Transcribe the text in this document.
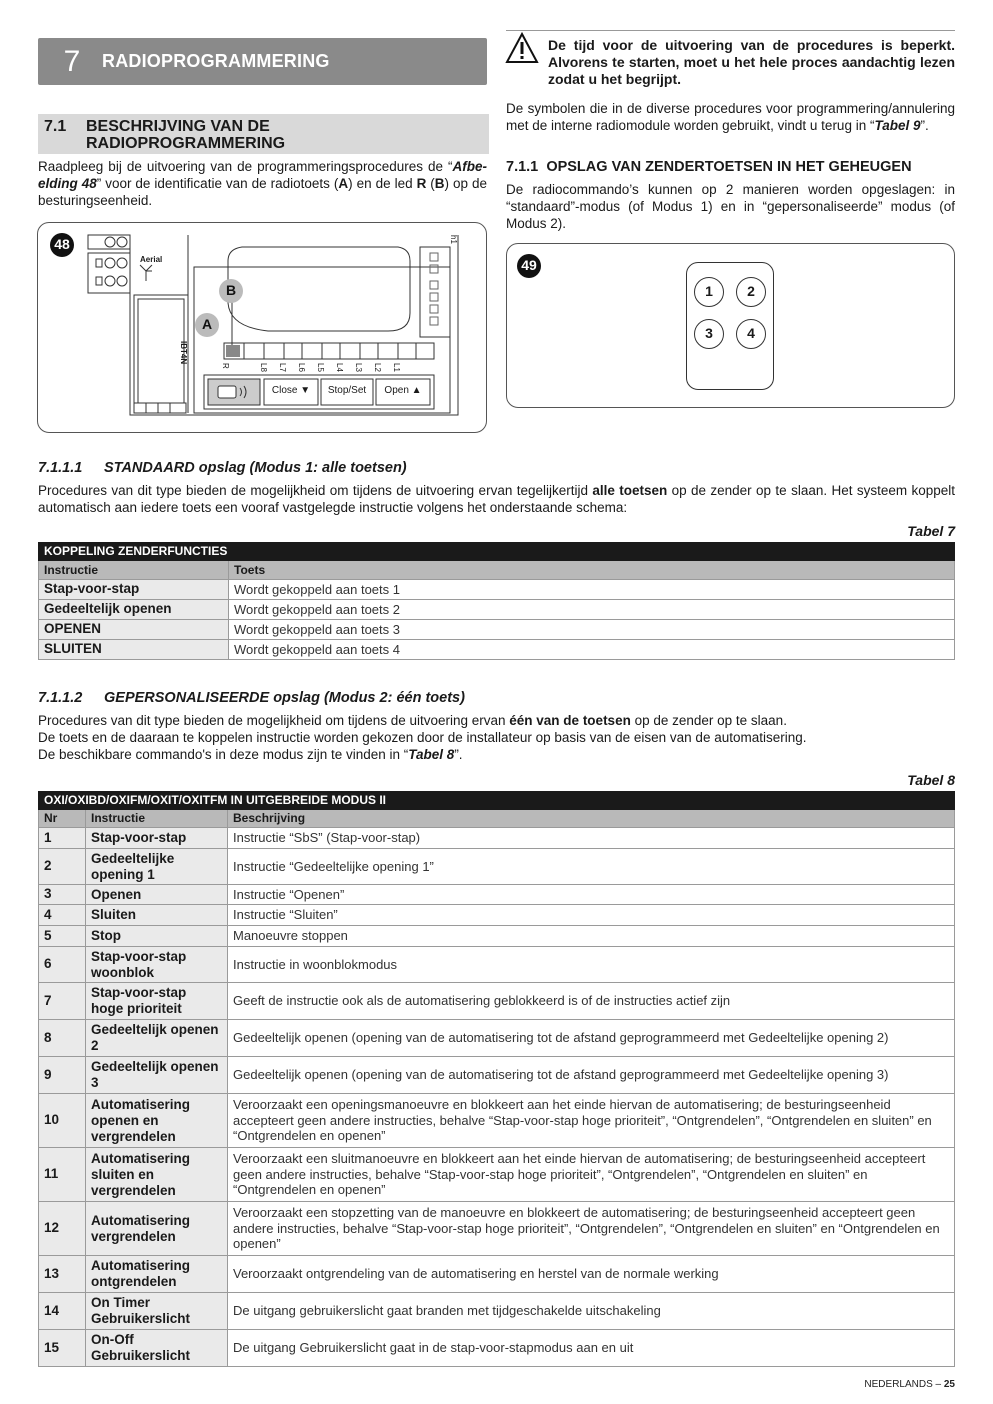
7	RADIOPROGRAMMERING
7.1	BESCHRIJVING VAN DE
RADIOPROGRAMMERING
Raadpleeg bij de uitvoering van de programmeringsprocedures de “Afbe-elding 48” voor de identificatie van de radiotoets (A) en de led R (B) op de besturingseenheid.
De tijd voor de uitvoering van de procedures is beperkt. Alvorens te starten, moet u het hele proces aandachtig lezen zodat u het begrijpt.
De symbolen die in de diverse procedures voor programmering/annulering met de interne radiomodule worden gebruikt, vindt u terug in “Tabel 9”.
7.1.1 OPSLAG VAN ZENDERTOETSEN IN HET GEHEUGEN
De radiocommando’s kunnen op 2 manieren worden opgeslagen: in “standaard”-modus (of Modus 1) en in “gepersonaliseerde” modus (of Modus 2).
48
B
A
Aerial
IBT4N
h1
R	L8 L7 L6 L5 L4 L3 L2 L1
Close ▼	Stop/Set	Open ▲
49
1	2
3	4
7.1.1.1 STANDAARD opslag (Modus 1: alle toetsen)
Procedures van dit type bieden de mogelijkheid om tijdens de uitvoering ervan tegelijkertijd alle toetsen op de zender op te slaan. Het systeem koppelt automatisch aan iedere toets een vooraf vastgelegde instructie volgens het onderstaande schema:
Tabel 7
KOPPELING ZENDERFUNCTIES	
Instructie	Toets
Stap-voor-stap	Wordt gekoppeld aan toets 1
Gedeeltelijk openen	Wordt gekoppeld aan toets 2
OPENEN	Wordt gekoppeld aan toets 3
SLUITEN	Wordt gekoppeld aan toets 4
7.1.1.2 GEPERSONALISEERDE opslag (Modus 2: één toets)
Procedures van dit type bieden de mogelijkheid om tijdens de uitvoering ervan één van de toetsen op de zender op te slaan.
De toets en de daaraan te koppelen instructie worden gekozen door de installateur op basis van de eisen van de automatisering.
De beschikbare commando's in deze modus zijn te vinden in “Tabel 8”.
Tabel 8
OXI/OXIBD/OXIFM/OXIT/OXITFM IN UITGEBREIDE MODUS II		
Nr	Instructie	Beschrijving
1	Stap-voor-stap	Instructie “SbS” (Stap-voor-stap)
2	Gedeeltelijke opening 1	Instructie “Gedeeltelijke opening 1”
3	Openen	Instructie “Openen”
4	Sluiten	Instructie “Sluiten”
5	Stop	Manoeuvre stoppen
6	Stap-voor-stap woonblok	Instructie in woonblokmodus
7	Stap-voor-stap hoge prioriteit	Geeft de instructie ook als de automatisering geblokkeerd is of de instructies actief zijn
8	Gedeeltelijk openen 2	Gedeeltelijk openen (opening van de automatisering tot de afstand geprogrammeerd met Gedeeltelijke opening 2)
9	Gedeeltelijk openen 3	Gedeeltelijk openen (opening van de automatisering tot de afstand geprogrammeerd met Gedeeltelijke opening 3)
10	Automatisering openen en vergrendelen	Veroorzaakt een openingsmanoeuvre en blokkeert aan het einde hiervan de automatisering; de besturingseenheid accepteert geen andere instructies, behalve “Stap-voor-stap hoge prioriteit”, “Ontgrendelen”, “Ontgrendelen en sluiten” en “Ontgrendelen en openen”
11	Automatisering sluiten en vergrendelen	Veroorzaakt een sluitmanoeuvre en blokkeert aan het einde hiervan de automatisering; de besturingseenheid accepteert geen andere instructies, behalve “Stap-voor-stap hoge prioriteit”, “Ontgrendelen”, “Ontgrendelen en sluiten” en “Ontgrendelen en openen”
12	Automatisering vergrendelen	Veroorzaakt een stopzetting van de manoeuvre en blokkeert de automatisering; de besturingseenheid accepteert geen andere instructies, behalve “Stap-voor-stap hoge prioriteit”, “Ontgrendelen”, “Ontgrendelen en sluiten” en “Ontgrendelen en openen”
13	Automatisering ontgrendelen	Veroorzaakt ontgrendeling van de automatisering en herstel van de normale werking
14	On Timer Gebruikerslicht	De uitgang gebruikerslicht gaat branden met tijdgeschakelde uitschakeling
15	On-Off Gebruikerslicht	De uitgang Gebruikerslicht gaat in de stap-voor-stapmodus aan en uit
NEDERLANDS – 25
